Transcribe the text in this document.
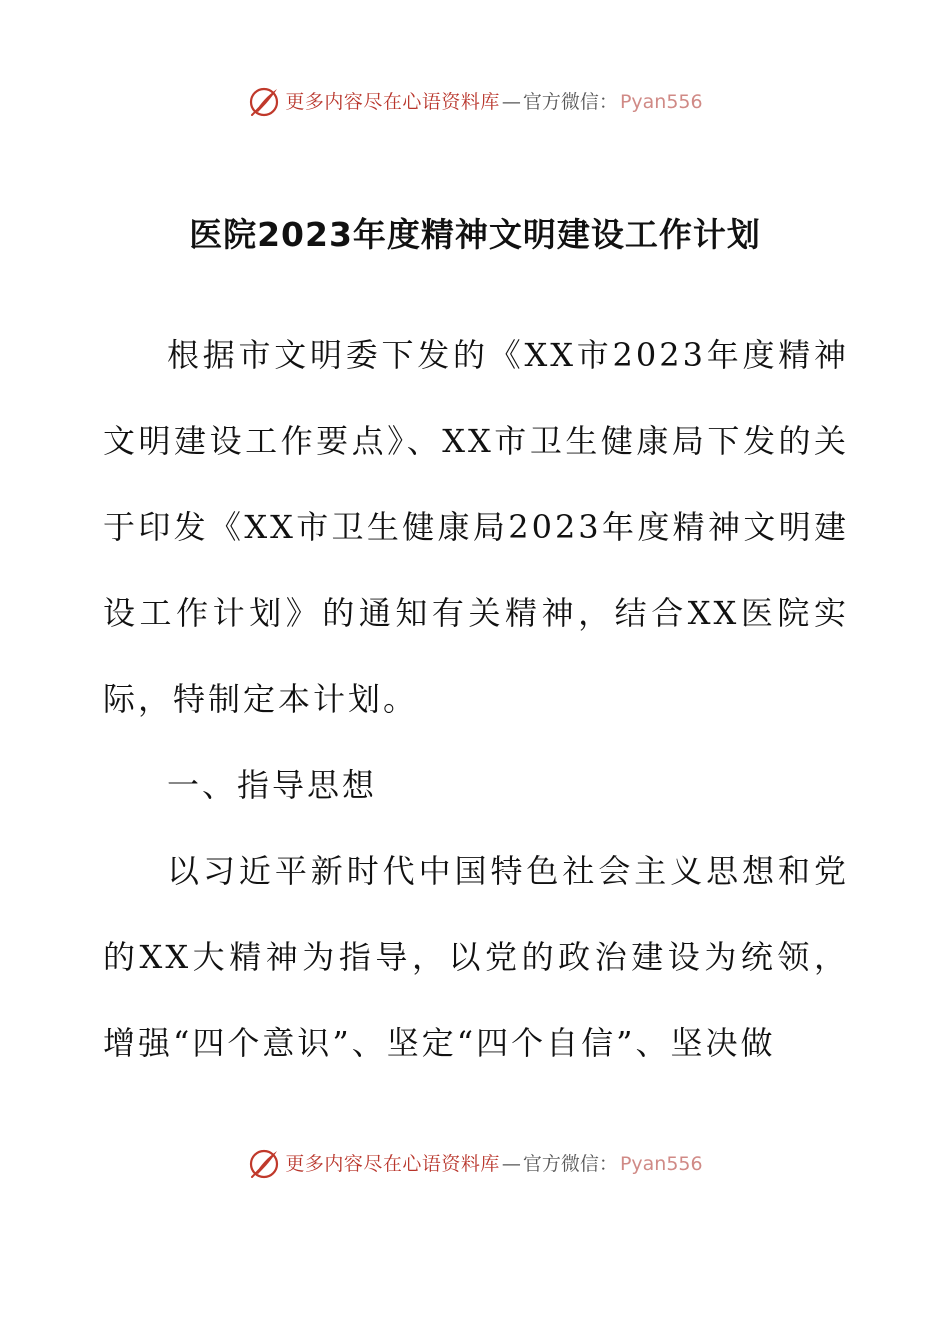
更多内容尽在心语资料库 — 官方微信： Pyan556
医院2023年度精神文明建设工作计划

根据市文明委下发的《XX市2023年度精神文明建设工作要点》、XX市卫生健康局下发的关于印发《XX市卫生健康局2023年度精神文明建设工作计划》的通知有关精神，结合XX医院实际，特制定本计划。

一、指导思想

以习近平新时代中国特色社会主义思想和党的XX大精神为指导，以党的政治建设为统领，增强“四个意识”、坚定“四个自信”、坚决做

更多内容尽在心语资料库 — 官方微信： Pyan556
